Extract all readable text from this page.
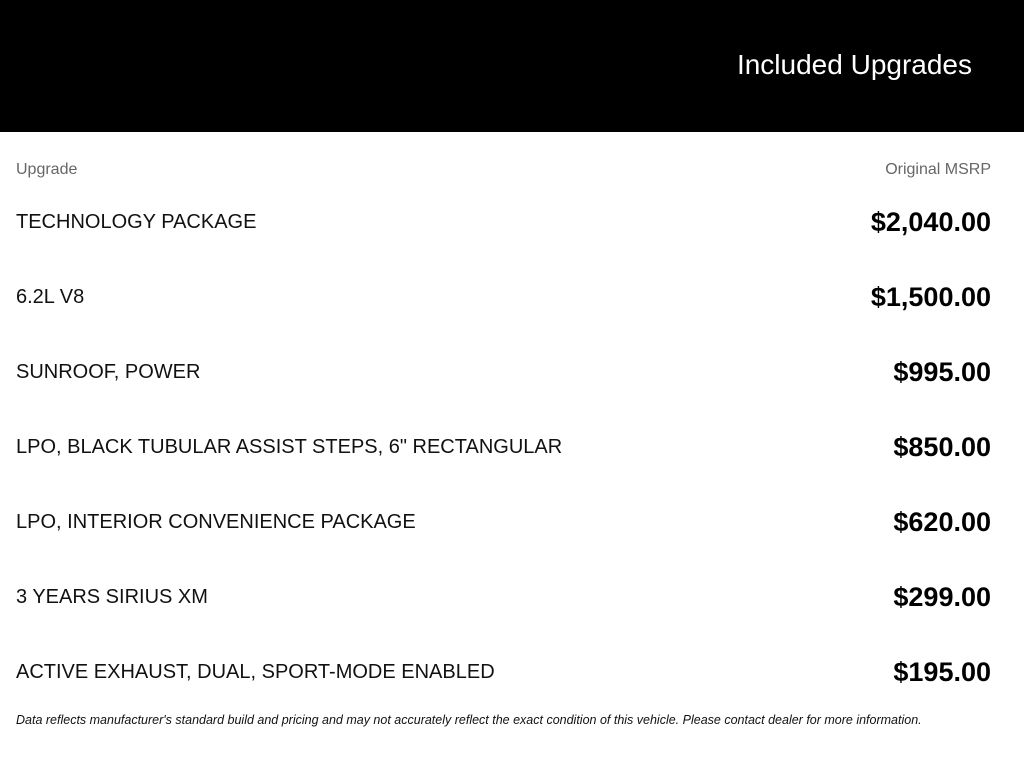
Included Upgrades
Upgrade	Original MSRP
TECHNOLOGY PACKAGE	$2,040.00
6.2L V8	$1,500.00
SUNROOF, POWER	$995.00
LPO, BLACK TUBULAR ASSIST STEPS, 6" RECTANGULAR	$850.00
LPO, INTERIOR CONVENIENCE PACKAGE	$620.00
3 YEARS SIRIUS XM	$299.00
ACTIVE EXHAUST, DUAL, SPORT-MODE ENABLED	$195.00
Data reflects manufacturer's standard build and pricing and may not accurately reflect the exact condition of this vehicle. Please contact dealer for more information.
